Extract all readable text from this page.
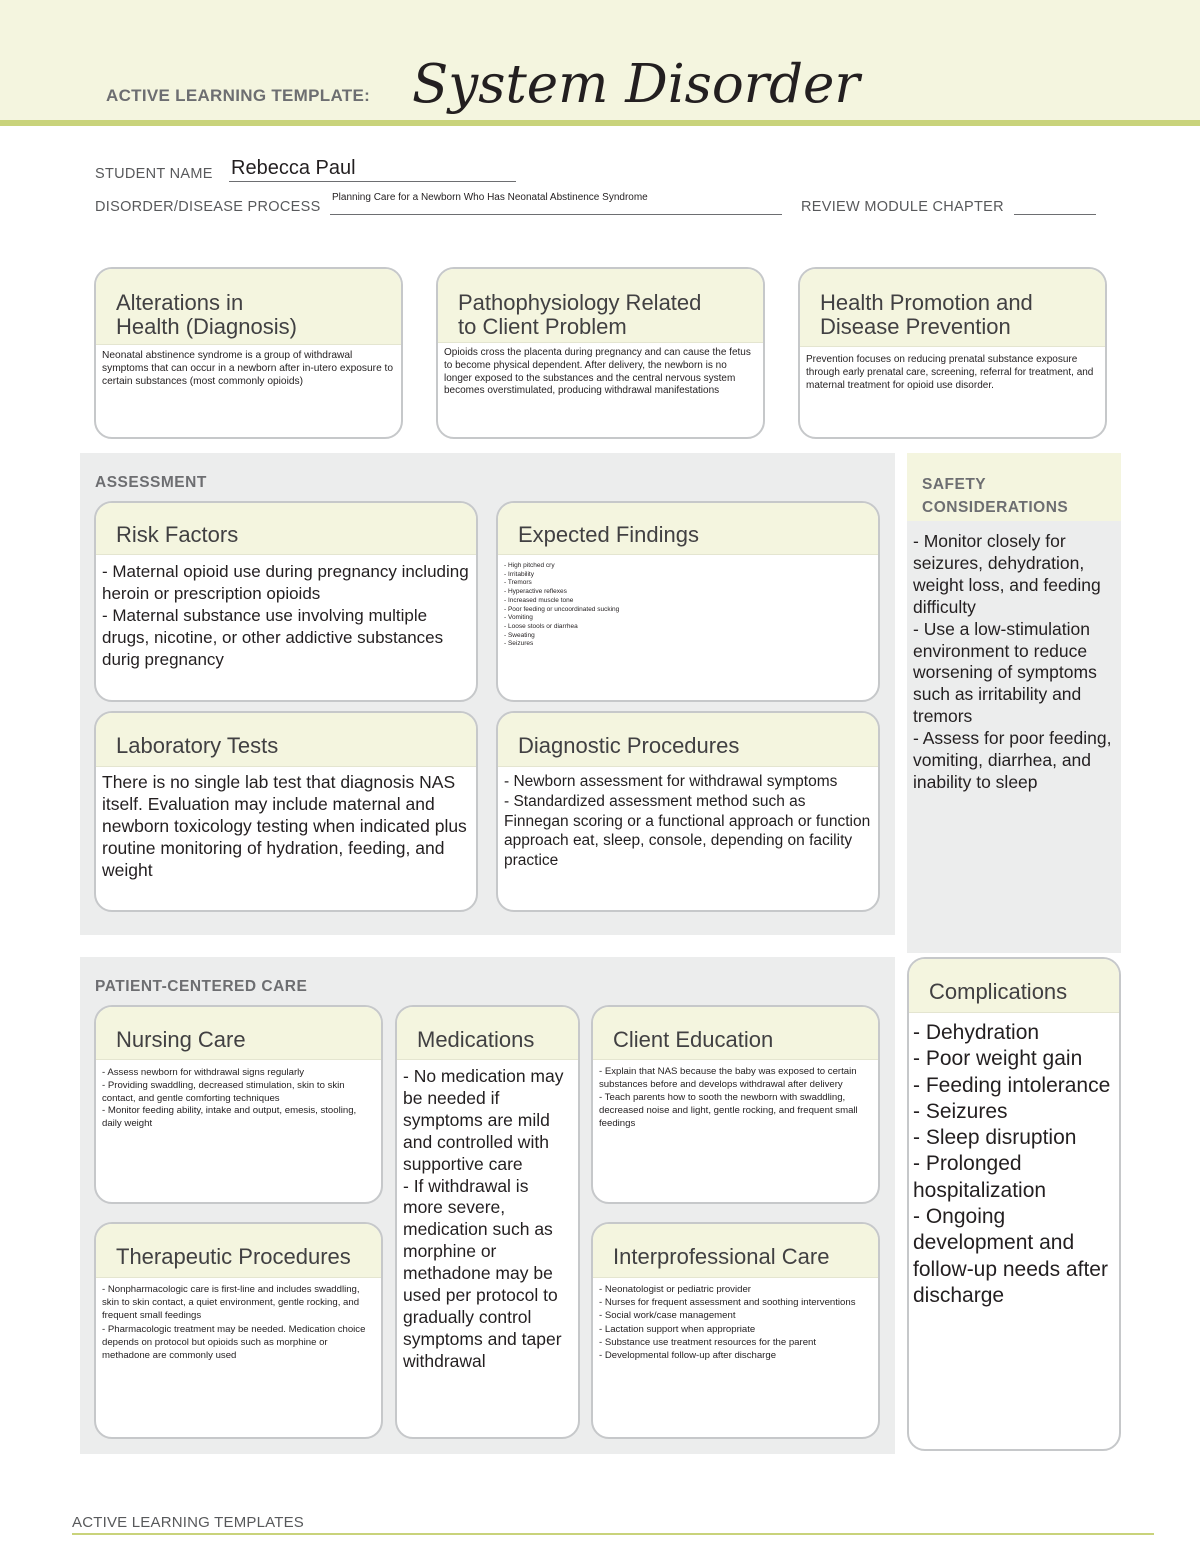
ACTIVE LEARNING TEMPLATE: System Disorder
STUDENT NAME Rebecca Paul
DISORDER/DISEASE PROCESS
Planning Care for a Newborn Who Has Neonatal Abstinence Syndrome
REVIEW MODULE CHAPTER
Alterations in
Health (Diagnosis)
Neonatal abstinence syndrome is a group of withdrawal symptoms that can occur in a newborn after in-utero exposure to certain substances (most commonly opioids)
Pathophysiology Related
to Client Problem
Opioids cross the placenta during pregnancy and can cause the fetus to become physical dependent. After delivery, the newborn is no longer exposed to the substances and the central nervous system becomes overstimulated, producing withdrawal manifestations
Health Promotion and
Disease Prevention
Prevention focuses on reducing prenatal substance exposure through early prenatal care, screening, referral for treatment, and maternal treatment for opioid use disorder.
ASSESSMENT
Risk Factors
- Maternal opioid use during pregnancy including heroin or prescription opioids
- Maternal substance use involving multiple drugs, nicotine, or other addictive substances durig pregnancy
Expected Findings
- High pitched cry
- Irritability
- Tremors
- Hyperactive reflexes
- Increased muscle tone
- Poor feeding or uncoordinated sucking
- Vomiting
- Loose stools or diarrhea
- Sweating
- Seizures
Laboratory Tests
There is no single lab test that diagnosis NAS itself. Evaluation may include maternal and newborn toxicology testing when indicated plus routine monitoring of hydration, feeding, and weight
Diagnostic Procedures
- Newborn assessment for withdrawal symptoms
- Standardized assessment method such as Finnegan scoring or a functional approach or function approach eat, sleep, console, depending on facility practice
SAFETY
CONSIDERATIONS
- Monitor closely for seizures, dehydration, weight loss, and feeding difficulty
- Use a low-stimulation environment to reduce worsening of symptoms such as irritability and tremors
- Assess for poor feeding, vomiting, diarrhea, and inability to sleep
PATIENT-CENTERED CARE
Nursing Care
- Assess newborn for withdrawal signs regularly
- Providing swaddling, decreased stimulation, skin to skin contact, and gentle comforting techniques
- Monitor feeding ability, intake and output, emesis, stooling, daily weight
Medications
- No medication may be needed if symptoms are mild and controlled with supportive care
- If withdrawal is more severe, medication such as morphine or methadone may be used per protocol to gradually control symptoms and taper withdrawal
Client Education
- Explain that NAS because the baby was exposed to certain substances before and develops withdrawal after delivery
- Teach parents how to sooth the newborn with swaddling, decreased noise and light, gentle rocking, and frequent small feedings
Therapeutic Procedures
- Nonpharmacologic care is first-line and includes swaddling, skin to skin contact, a quiet environment, gentle rocking, and frequent small feedings
- Pharmacologic treatment may be needed. Medication choice depends on protocol but opioids such as morphine or methadone are commonly used
Interprofessional Care
- Neonatologist or pediatric provider
- Nurses for frequent assessment and soothing interventions
- Social work/case management
- Lactation support when appropriate
- Substance use treatment resources for the parent
- Developmental follow-up after discharge
Complications
- Dehydration
- Poor weight gain
- Feeding intolerance
- Seizures
- Sleep disruption
- Prolonged hospitalization
- Ongoing development and follow-up needs after discharge
ACTIVE LEARNING TEMPLATES
